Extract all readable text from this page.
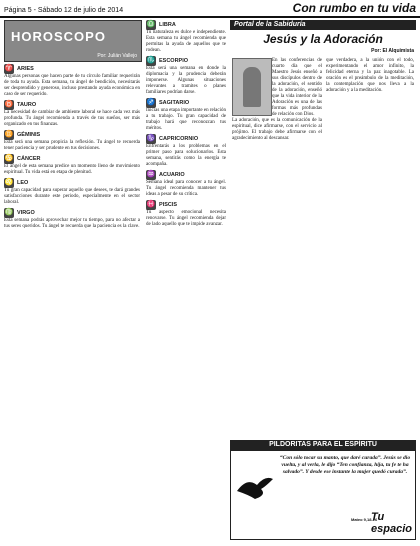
Página 5 - Sábado 12 de julio de 2014	Con rumbo en tu vida
HOROSCOPO
Por: Julián Vallejo
♈ ARIES
Algunas personas que hacen parte de tu círculo familiar requerirán de toda tu ayuda. Esta semana, tu ángel de bendición, necesitarás ser desprendido y generoso, incluso prestando ayuda económica en caso de ser requerido.
♉ TAURO
La necesidad de cambiar de ambiente laboral se hace cada vez más profunda. Tu ángel recomienda a través de tus sueños, ser más organizado en tus finanzas.
♊ GÉMINIS
Esta será una semana propicia la reflexión. Tu ángel te recuerda tener paciencia y ser prudente en tus decisiones.
♋ CÁNCER
El ángel de esta semana predice un momento lleno de movimiento espiritual. Tu vida está en etapa de plenitud.
♌ LEO
Tu gran capacidad para superar aquello que desees, te dará grandes satisfacciones durante este periodo, especialmente en el sector laboral.
♍ VIRGO
Esta semana podrás aprovechar mejor tu tiempo, para no afectar a tus seres queridos. Tu ángel te recuerda que la paciencia es la clave.
♎ LIBRA
Tu naturaleza es dulce e independiente. Esta semana tu ángel recomienda que permitas la ayuda de aquellos que te rodean.
♏ ESCORPIO
Esta será una semana en donde la diplomacia y la prudencia deberán imponerse. Algunas situaciones relevantes a tramites o planes familiares podrían darse.
♐ SAGITARIO
Inicias una etapa importante en relación a tu trabajo. Tu gran capacidad de trabajo hará que reconozcan tus méritos.
♑ CAPRICORNIO
Enfrentarás a los problemas en el primer paso para solucionarlos. Esta semana, sentirás como la energía te acompaña.
♒ ACUARIO
Semana ideal para conocer a tu ángel. Tu ángel recomienda mantener tus ideas a pesar de su crítica.
♓ PISCIS
Tu aspecto emocional necesita renovarse. Tu ángel recomienda dejar de lado aquello que te impide avanzar.
Portal de la Sabiduría
Jesús y la Adoración
Por: El Alquimista
En las conferencias de cuarto día que el Maestro Jesús enseñó a sus discípulos dentro de la adoración, el sentido de la adoración, enseñó que la vida interior de la Adoración es una de las formas más profundas de relación con Dios.
La adoración, que es la comunicación de la espiritual, dice afirmarse, con el servicio al prójimo. El trabajo debe afirmarse con el agradecimiento al descansar.
que verdadera, a la unión con el todo, experimentando el amor infinito, la felicidad eterna y la paz inagotable. La oración es el preámbulo de la meditación, la contemplación que nos lleva a la adoración y a la meditación.
PILDORITAS PARA EL ESPÍRITU
“Con sólo tocar su manto, que daré curada”. Jesús se dio vuelta, y al verla, le dijo “Ten confianza, hija, tu fe te ha salvado”. Y desde ese instante la mujer quedó curada”.
Mateo 9,18-26
Tu espacio
